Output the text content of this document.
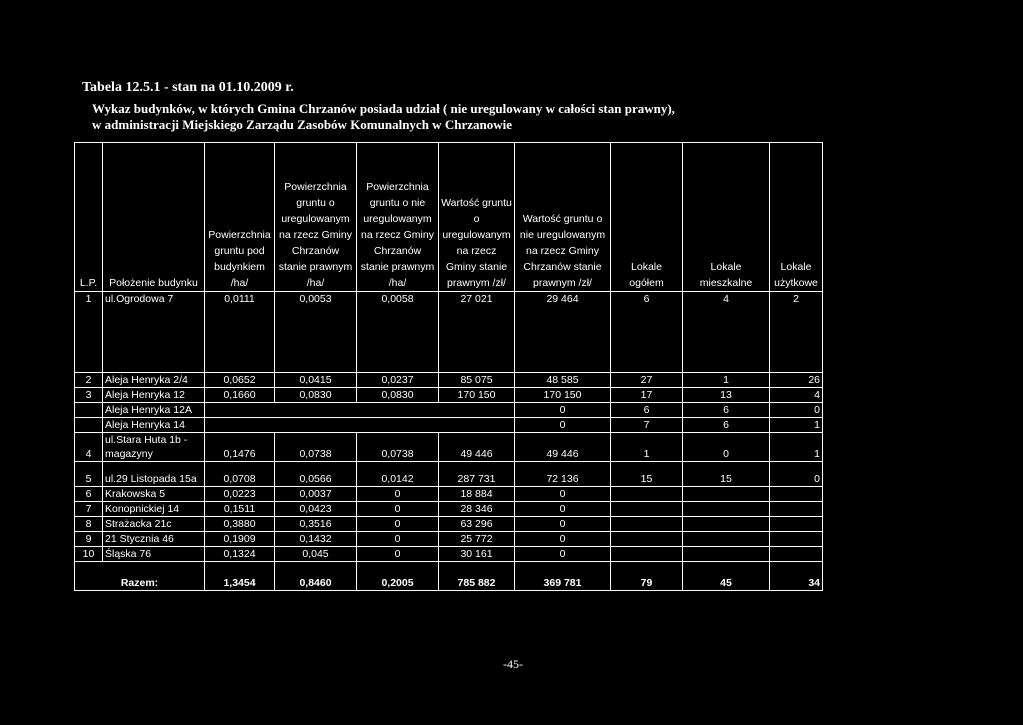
Tabela 12.5.1 - stan na 01.10.2009 r.
Wykaz budynków, w których Gmina Chrzanów posiada udział ( nie uregulowany w całości stan prawny),
w administracji Miejskiego Zarządu Zasobów Komunalnych w Chrzanowie
L.P.	Położenie budynku	Powierzchnia gruntu pod budynkiem /ha/	Powierzchnia gruntu o uregulowanym na rzecz Gminy Chrzanów stanie prawnym /ha/	Powierzchnia gruntu o nie uregulowanym na rzecz Gminy Chrzanów stanie prawnym /ha/	Wartość gruntu o uregulowanym na rzecz Gminy stanie prawnym /zł/	Wartość gruntu o nie uregulowanym na rzecz Gminy Chrzanów stanie prawnym /zł/	Lokale ogółem	Lokale mieszkalne	Lokale użytkowe
1	ul.Ogrodowa 7	0,0111	0,0053	0,0058	27 021	29 464	6	4	2
2	Aleja Henryka 2/4	0,0652	0,0415	0,0237	85 075	48 585	27	1	26
3	Aleja Henryka 12	0,1660	0,0830	0,0830	170 150	170 150	17	13	4
	Aleja Henryka 12A					0	6	6	0
	Aleja Henryka 14					0	7	6	1
4	ul.Stara Huta 1b - magazyny	0,1476	0,0738	0,0738	49 446	49 446	1	0	1
5	ul.29 Listopada 15a	0,0708	0,0566	0,0142	287 731	72 136	15	15	0
6	Krakowska 5	0,0223	0,0037	0	18 884	0			
7	Konopnickiej 14	0,1511	0,0423	0	28 346	0			
8	Strażacka 21c	0,3880	0,3516	0	63 296	0			
9	21 Stycznia 46	0,1909	0,1432	0	25 772	0			
10	Śląska 76	0,1324	0,045	0	30 161	0			
Razem:		1,3454	0,8460	0,2005	785 882	369 781	79	45	34
-45-
